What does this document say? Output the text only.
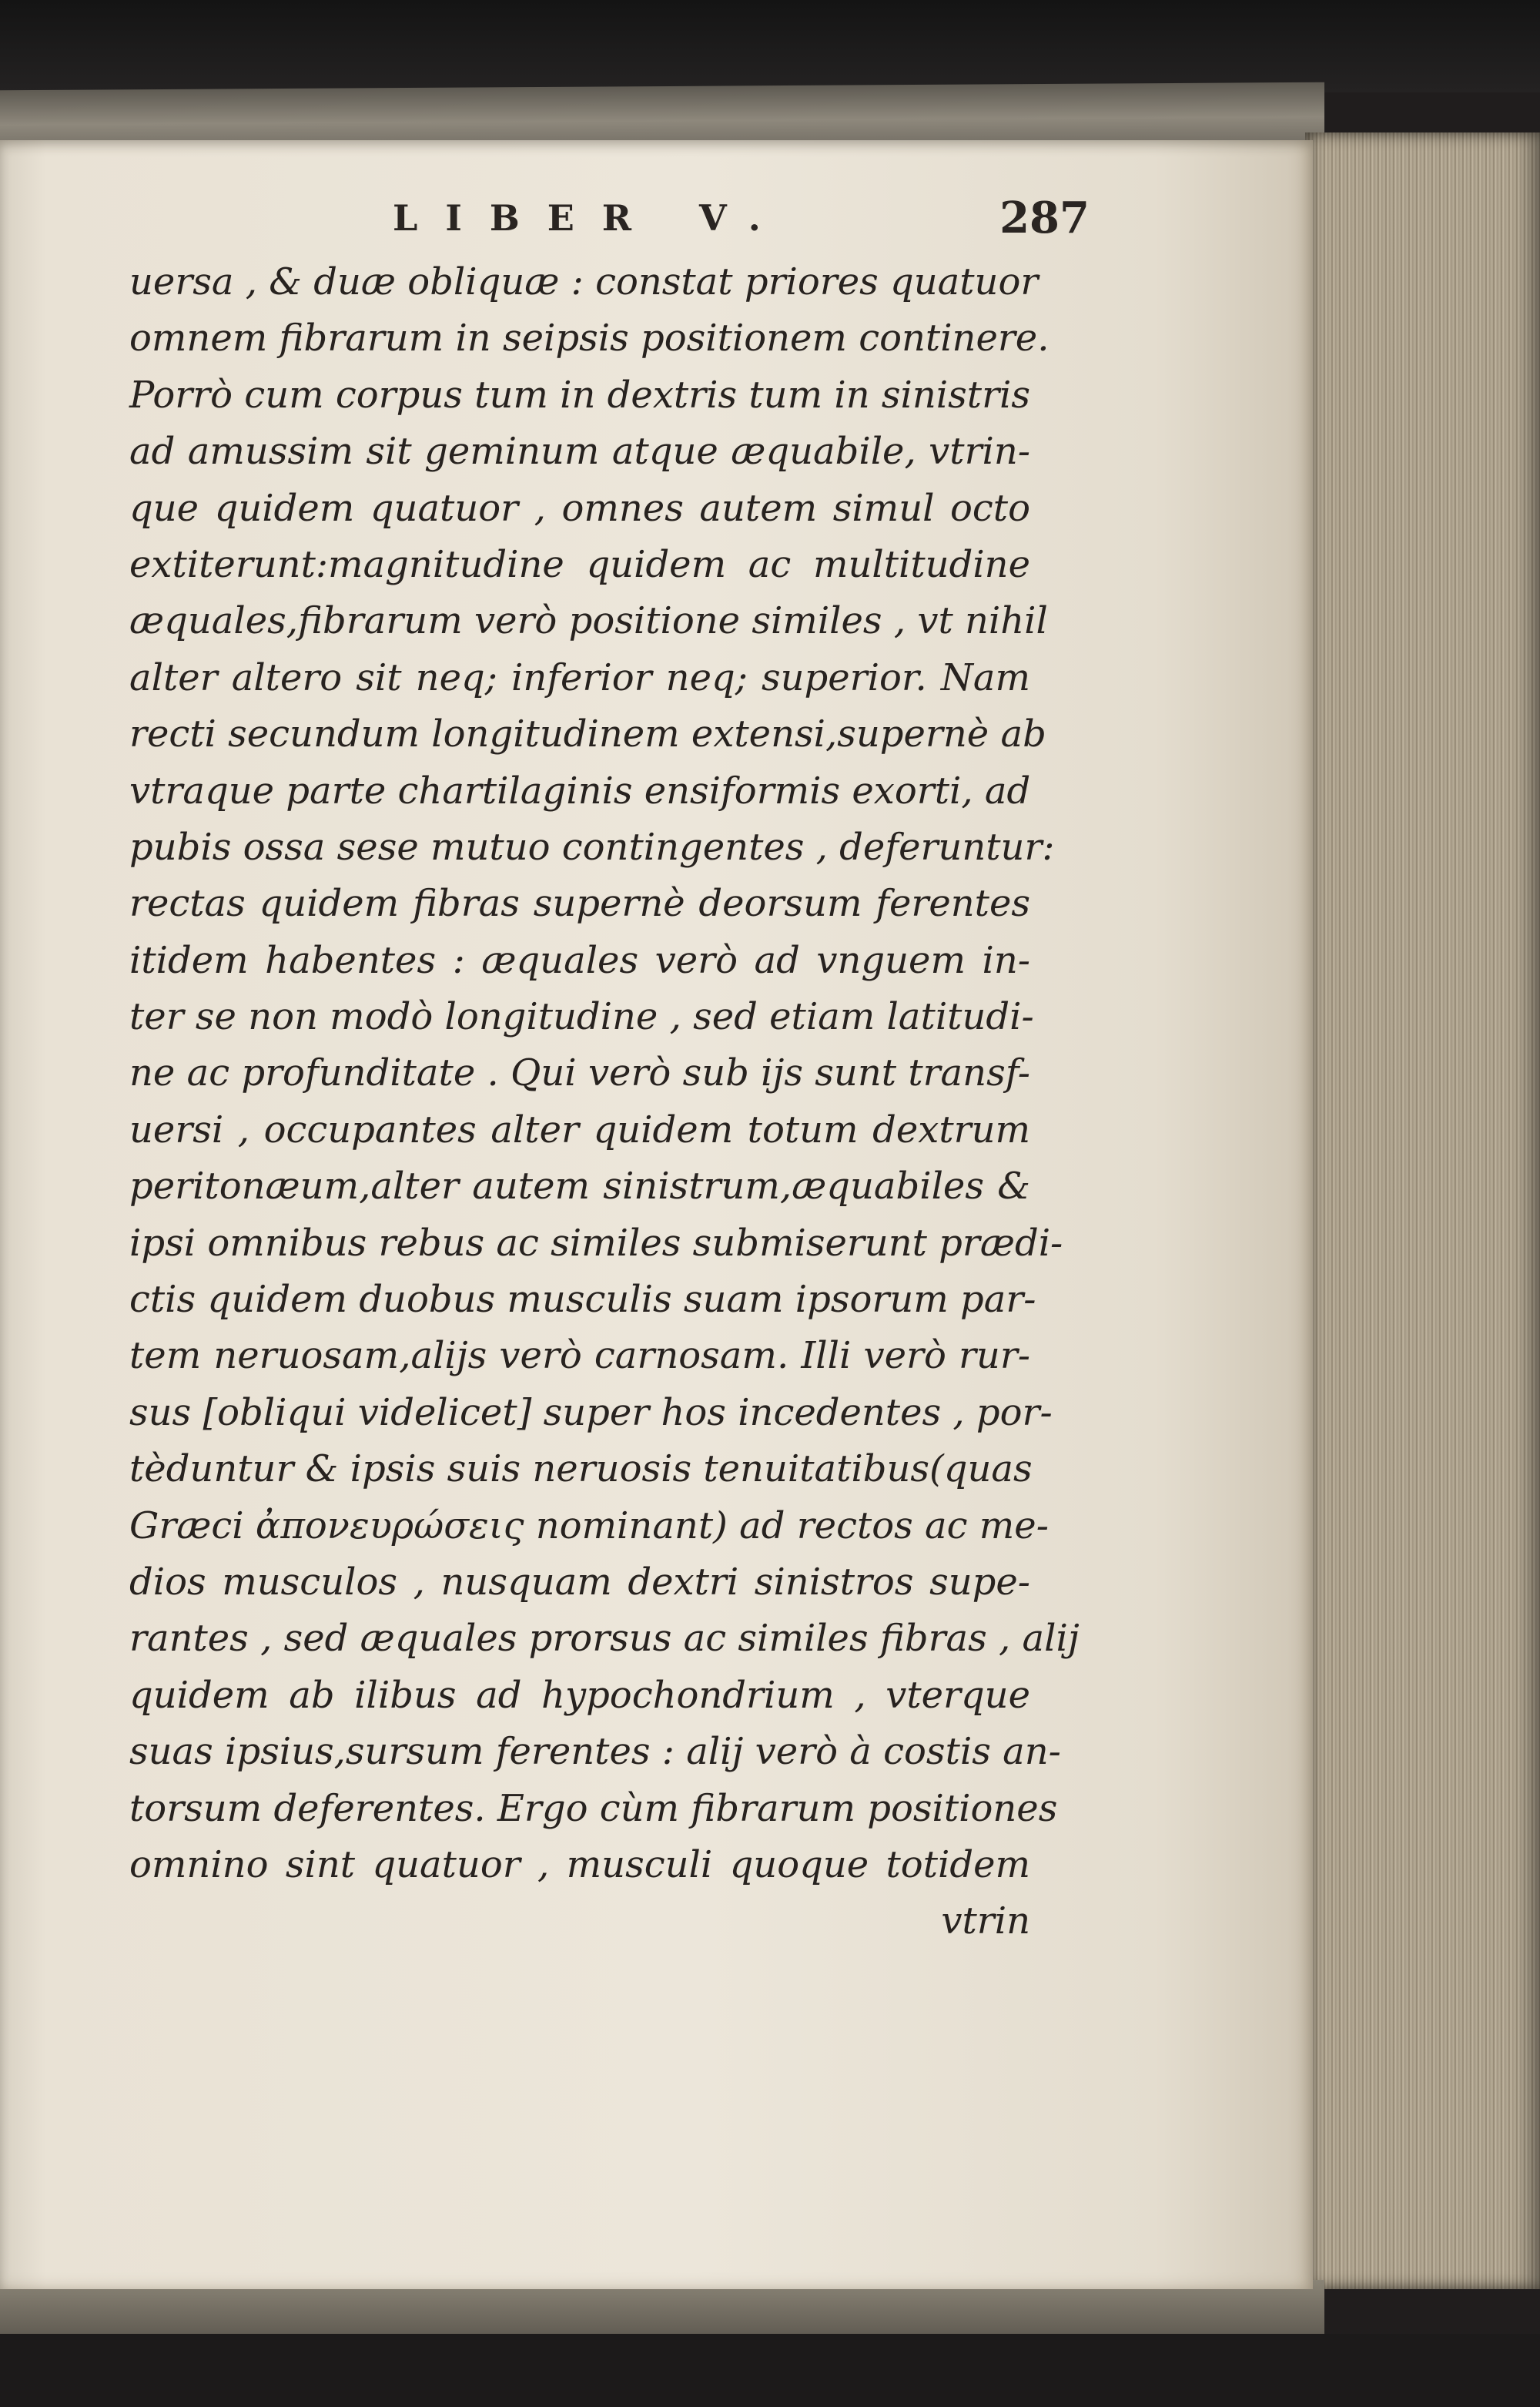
LIBER V.	287
uersa , & duæ obliquæ : constat priores quatuor
omnem fibrarum in seipsis positionem continere.
Porrò cum corpus tum in dextris tum in sinistris
ad amussim sit geminum atque æquabile, vtrin-
que quidem quatuor , omnes autem simul octo
extiterunt:magnitudine quidem ac multitudine
æquales,fibrarum verò positione similes , vt nihil
alter altero sit neq; inferior neq; superior. Nam
recti secundum longitudinem extensi,supernè ab
vtraque parte chartilaginis ensiformis exorti, ad
pubis ossa sese mutuo contingentes , deferuntur:
rectas quidem fibras supernè deorsum ferentes
itidem habentes : æquales verò ad vnguem in-
ter se non modò longitudine , sed etiam latitudi-
ne ac profunditate . Qui verò sub ijs sunt transf-
uersi , occupantes alter quidem totum dextrum
peritonæum,alter autem sinistrum,æquabiles &
ipsi omnibus rebus ac similes submiserunt prædi-
ctis quidem duobus musculis suam ipsorum par-
tem neruosam,alijs verò carnosam. Illi verò rur-
sus [obliqui videlicet] super hos incedentes , por-
tèduntur & ipsis suis neruosis tenuitatibus(quas
Græci ἀπονευρώσεις nominant) ad rectos ac me-
dios musculos , nusquam dextri sinistros supe-
rantes , sed æquales prorsus ac similes fibras , alij
quidem ab ilibus ad hypochondrium , vterque
suas ipsius,sursum ferentes : alij verò à costis an-
torsum deferentes. Ergo cùm fibrarum positiones
omnino sint quatuor , musculi quoque totidem
vtrin
